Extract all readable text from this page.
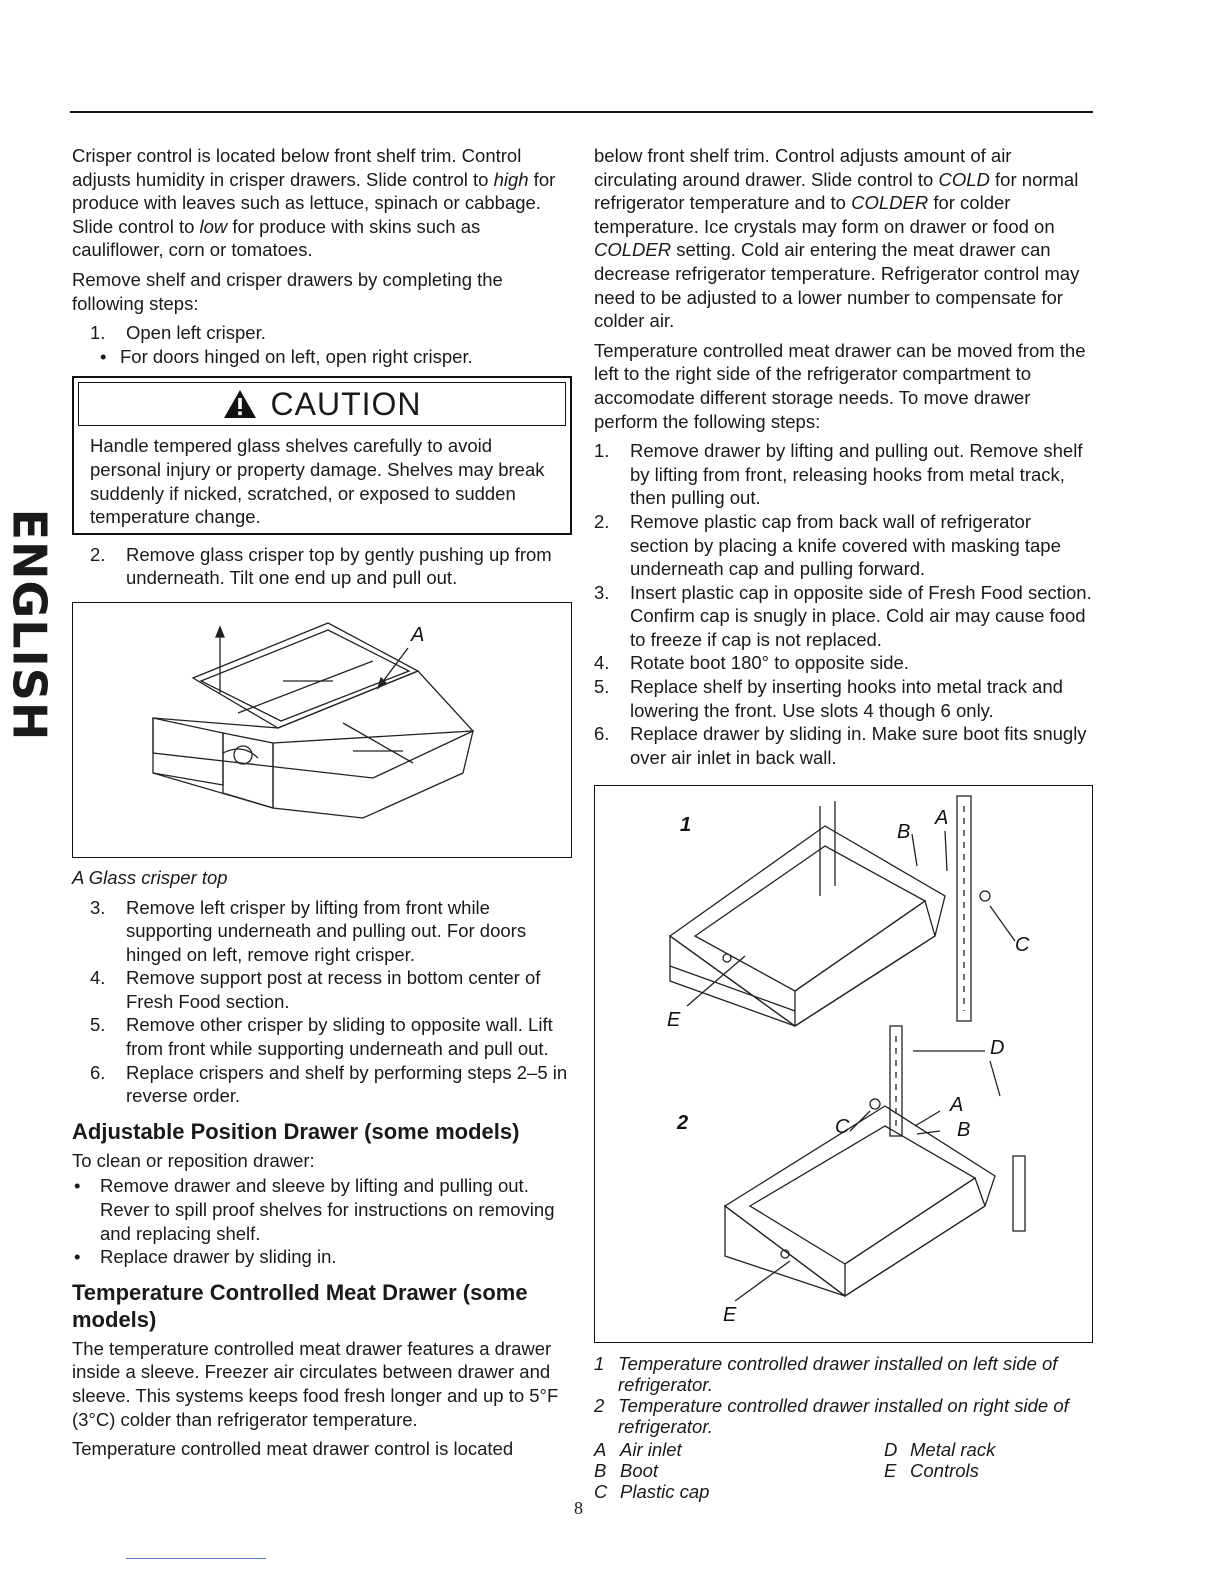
ENGLISH

Crisper control is located below front shelf trim. Control adjusts humidity in crisper drawers. Slide control to high for produce with leaves such as lettuce, spinach or cabbage. Slide control to low for produce with skins such as cauliflower, corn or tomatoes.

Remove shelf and crisper drawers by completing the following steps:

1.	Open left crisper.
• For doors hinged on left, open right crisper.
CAUTION
Handle tempered glass shelves carefully to avoid personal injury or property damage. Shelves may break suddenly if nicked, scratched, or exposed to sudden temperature change.
2.	Remove glass crisper top by gently pushing up from underneath. Tilt one end up and pull out.
A

A Glass crisper top

3.	Remove left crisper by lifting from front while supporting underneath and pulling out. For doors hinged on left, remove right crisper.
4.	Remove support post at recess in bottom center of Fresh Food section.
5.	Remove other crisper by sliding to opposite wall. Lift from front while supporting underneath and pull out.
6.	Replace crispers and shelf by performing steps 2–5 in reverse order.
Adjustable Position Drawer (some models)

To clean or reposition drawer:

•	Remove drawer and sleeve by lifting and pulling out. Rever to spill proof shelves for instructions on removing and replacing shelf.
•	Replace drawer by sliding in.
Temperature Controlled Meat Drawer (some models)

The temperature controlled meat drawer features a drawer inside a sleeve. Freezer air circulates between drawer and sleeve. This systems keeps food fresh longer and up to 5°F (3°C) colder than refrigerator temperature.

Temperature controlled meat drawer control is located

below front shelf trim. Control adjusts amount of air circulating around drawer. Slide control to COLD for normal refrigerator temperature and to COLDER for colder temperature. Ice crystals may form on drawer or food on COLDER setting. Cold air entering the meat drawer can decrease refrigerator temperature. Refrigerator control may need to be adjusted to a lower number to compensate for colder air.

Temperature controlled meat drawer can be moved from the left to the right side of the refrigerator compartment to accomodate different storage needs. To move drawer perform the following steps:

1.	Remove drawer by lifting and pulling out. Remove shelf by lifting from front, releasing hooks from metal track, then pulling out.
2.	Remove plastic cap from back wall of refrigerator section by placing a knife covered with masking tape underneath cap and pulling forward.
3.	Insert plastic cap in opposite side of Fresh Food section. Confirm cap is snugly in place. Cold air may cause food to freeze if cap is not replaced.
4.	Rotate boot 180° to opposite side.
5.	Replace shelf by inserting hooks into metal track and lowering the front. Use slots 4 though 6 only.
6.	Replace drawer by sliding in. Make sure boot fits snugly over air inlet in back wall.
1	B
A
C
E
D
2	C
A
B
E
1 Temperature controlled drawer installed on left side of refrigerator.
2 Temperature controlled drawer installed on right side of refrigerator.
A Air inlet	D Metal rack
B Boot	E Controls
C Plastic cap
8
